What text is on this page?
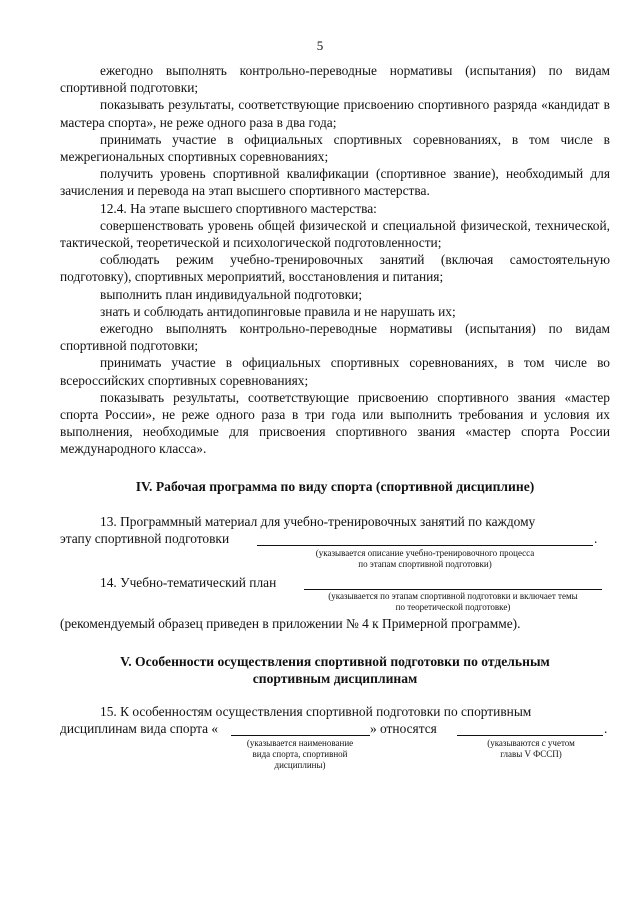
5

ежегодно выполнять контрольно-переводные нормативы (испытания) по видам спортивной подготовки;

показывать результаты, соответствующие присвоению спортивного разряда «кандидат в мастера спорта», не реже одного раза в два года;

принимать участие в официальных спортивных соревнованиях, в том числе в межрегиональных спортивных соревнованиях;

получить уровень спортивной квалификации (спортивное звание), необходимый для зачисления и перевода на этап высшего спортивного мастерства.

12.4. На этапе высшего спортивного мастерства:

совершенствовать уровень общей физической и специальной физической, технической, тактической, теоретической и психологической подготовленности;

соблюдать режим учебно-тренировочных занятий (включая самостоятельную подготовку), спортивных мероприятий, восстановления и питания;

выполнить план индивидуальной подготовки;

знать и соблюдать антидопинговые правила и не нарушать их;

ежегодно выполнять контрольно-переводные нормативы (испытания) по видам спортивной подготовки;

принимать участие в официальных спортивных соревнованиях, в том числе во всероссийских спортивных соревнованиях;

показывать результаты, соответствующие присвоению спортивного звания «мастер спорта России», не реже одного раза в три года или выполнить требования и условия их выполнения, необходимые для присвоения спортивного звания «мастер спорта России международного класса».

IV. Рабочая программа по виду спорта (спортивной дисциплине)
13. Программный материал для учебно-тренировочных занятий по каждому
этапу спортивной подготовки	.
(указывается описание учебно-тренировочного процесса
по этапам спортивной подготовки)
14. Учебно-тематический план
(указывается по этапам спортивной подготовки и включает темы
по теоретической подготовке)
(рекомендуемый образец приведен в приложении № 4 к Примерной программе).
V. Особенности осуществления спортивной подготовки по отдельным
спортивным дисциплинам
15. К особенностям осуществления спортивной подготовки по спортивным
дисциплинам вида спорта «	» относятся	.
(указывается наименование
вида спорта, спортивной
дисциплины)
(указываются с учетом
главы V ФССП)
